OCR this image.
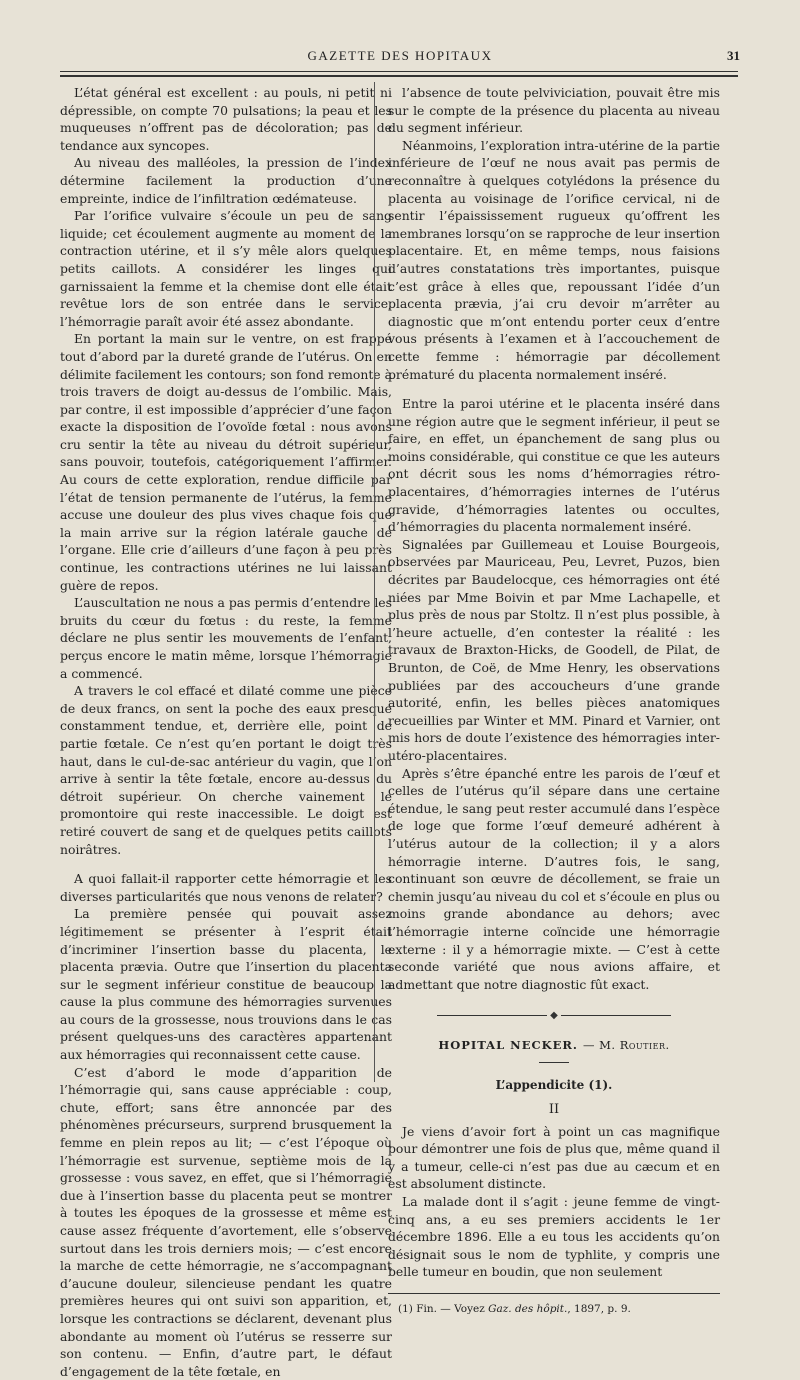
GAZETTE DES HOPITAUX	31

L’état général est excellent : au pouls, ni petit ni dépressible, on compte 70 pulsations; la peau et les muqueuses n’offrent pas de décoloration; pas de tendance aux syncopes.

Au niveau des malléoles, la pression de l’index détermine facilement la production d’une empreinte, indice de l’infiltration œdémateuse.

Par l’orifice vulvaire s’écoule un peu de sang liquide; cet écoulement augmente au moment de la contraction utérine, et il s’y mêle alors quelques petits caillots. A considérer les linges qui garnissaient la femme et la chemise dont elle était revêtue lors de son entrée dans le service, l’hémorragie paraît avoir été assez abondante.

En portant la main sur le ventre, on est frappé tout d’abord par la dureté grande de l’utérus. On en délimite facilement les contours; son fond remonte à trois travers de doigt au-dessus de l’ombilic. Mais, par contre, il est impossible d’apprécier d’une façon exacte la disposition de l’ovoïde fœtal : nous avons cru sentir la tête au niveau du détroit supérieur, sans pouvoir, toutefois, catégoriquement l’affirmer. Au cours de cette exploration, rendue difficile par l’état de tension permanente de l’utérus, la femme accuse une douleur des plus vives chaque fois que la main arrive sur la région latérale gauche de l’organe. Elle crie d’ailleurs d’une façon à peu près continue, les contractions utérines ne lui laissant guère de repos.

L’auscultation ne nous a pas permis d’entendre les bruits du cœur du fœtus : du reste, la femme déclare ne plus sentir les mouvements de l’enfant, perçus encore le matin même, lorsque l’hémorragie a commencé.

A travers le col effacé et dilaté comme une pièce de deux francs, on sent la poche des eaux presque constamment tendue, et, derrière elle, point de partie fœtale. Ce n’est qu’en portant le doigt très haut, dans le cul-de-sac antérieur du vagin, que l’on arrive à sentir la tête fœtale, encore au-dessus du détroit supérieur. On cherche vainement le promontoire qui reste inaccessible. Le doigt est retiré couvert de sang et de quelques petits caillots noirâtres.

A quoi fallait-il rapporter cette hémorragie et les diverses particularités que nous venons de relater?

La première pensée qui pouvait assez légitimement se présenter à l’esprit était d’incriminer l’insertion basse du placenta, le placenta prævia. Outre que l’insertion du placenta sur le segment inférieur constitue de beaucoup la cause la plus commune des hémorragies survenues au cours de la grossesse, nous trouvions dans le cas présent quelques-uns des caractères appartenant aux hémorragies qui reconnaissent cette cause.

C’est d’abord le mode d’apparition de l’hémorragie qui, sans cause appréciable : coup, chute, effort; sans être annoncée par des phénomènes précurseurs, surprend brusquement la femme en plein repos au lit; — c’est l’époque où l’hémorragie est survenue, septième mois de la grossesse : vous savez, en effet, que si l’hémorragie due à l’insertion basse du placenta peut se montrer à toutes les époques de la grossesse et même est cause assez fréquente d’avortement, elle s’observe surtout dans les trois derniers mois; — c’est encore la marche de cette hémorragie, ne s’accompagnant d’aucune douleur, silencieuse pendant les quatre premières heures qui ont suivi son apparition, et, lorsque les contractions se déclarent, devenant plus abondante au moment où l’utérus se resserre sur son contenu. — Enfin, d’autre part, le défaut d’engagement de la tête fœtale, en

l’absence de toute pelviviciation, pouvait être mis sur le compte de la présence du placenta au niveau du segment inférieur.

Néanmoins, l’exploration intra-utérine de la partie inférieure de l’œuf ne nous avait pas permis de reconnaître à quelques cotylédons la présence du placenta au voisinage de l’orifice cervical, ni de sentir l’épaississement rugueux qu’offrent les membranes lorsqu’on se rapproche de leur insertion placentaire. Et, en même temps, nous faisions d’autres constatations très importantes, puisque c’est grâce à elles que, repoussant l’idée d’un placenta prævia, j’ai cru devoir m’arrêter au diagnostic que m’ont entendu porter ceux d’entre vous présents à l’examen et à l’accouchement de cette femme : hémorragie par décollement prématuré du placenta normalement inséré.

Entre la paroi utérine et le placenta inséré dans une région autre que le segment inférieur, il peut se faire, en effet, un épanchement de sang plus ou moins considérable, qui constitue ce que les auteurs ont décrit sous les noms d’hémorragies rétro-placentaires, d’hémorragies internes de l’utérus gravide, d’hémorragies latentes ou occultes, d’hémorragies du placenta normalement inséré.

Signalées par Guillemeau et Louise Bourgeois, observées par Mauriceau, Peu, Levret, Puzos, bien décrites par Baudelocque, ces hémorragies ont été niées par Mme Boivin et par Mme Lachapelle, et plus près de nous par Stoltz. Il n’est plus possible, à l’heure actuelle, d’en contester la réalité : les travaux de Braxton-Hicks, de Goodell, de Pilat, de Brunton, de Coë, de Mme Henry, les observations publiées par des accoucheurs d’une grande autorité, enfin, les belles pièces anatomiques recueillies par Winter et MM. Pinard et Varnier, ont mis hors de doute l’existence des hémorragies inter-utéro-placentaires.

Après s’être épanché entre les parois de l’œuf et celles de l’utérus qu’il sépare dans une certaine étendue, le sang peut rester accumulé dans l’espèce de loge que forme l’œuf demeuré adhérent à l’utérus autour de la collection; il y a alors hémorragie interne. D’autres fois, le sang, continuant son œuvre de décollement, se fraie un chemin jusqu’au niveau du col et s’écoule en plus ou moins grande abondance au dehors; avec l’hémorragie interne coïncide une hémorragie externe : il y a hémorragie mixte. — C’est à cette seconde variété que nous avions affaire, et admettant que notre diagnostic fût exact.

◆
HOPITAL NECKER. — M. Routier.
L’appendicite (1).
II

Je viens d’avoir fort à point un cas magnifique pour démontrer une fois de plus que, même quand il y a tumeur, celle-ci n’est pas due au cæcum et en est absolument distincte.

La malade dont il s’agit : jeune femme de vingt-cinq ans, a eu ses premiers accidents le 1er décembre 1896. Elle a eu tous les accidents qu’on désignait sous le nom de typhlite, y compris une belle tumeur en boudin, que non seulement

(1) Fin. — Voyez Gaz. des hôpit., 1897, p. 9.
